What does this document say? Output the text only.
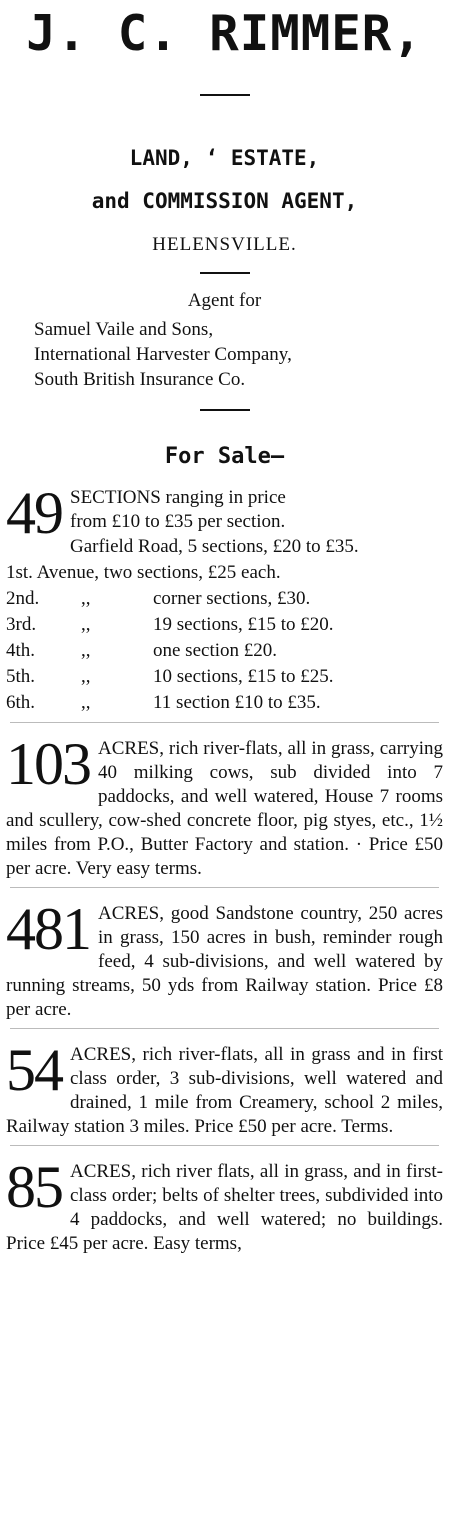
J. C. RIMMER,
LAND, ‘ ESTATE,
and COMMISSION AGENT,
HELENSVILLE.
Agent for
Samuel Vaile and Sons,
International Harvester Company,
South British Insurance Co.
For Sale—
49 SECTIONS ranging in price
from £10 to £35 per section.
Garfield Road, 5 sections, £20 to £35.
1st. Avenue, two sections, £25 each.
2nd.	,,	corner sections, £30.
3rd.	,,	19 sections, £15 to £20.
4th.	,,	one section £20.
5th.	,,	10 sections, £15 to £25.
6th.	,,	11 section £10 to £35.
103 ACRES, rich river-flats, all in grass, carrying 40 milking cows, sub divided into 7 paddocks, and well watered, House 7 rooms and scullery, cow-shed concrete floor, pig styes, etc., 1½ miles from P.O., Butter Factory and station. · Price £50 per acre. Very easy terms.
481 ACRES, good Sandstone country, 250 acres in grass, 150 acres in bush, reminder rough feed, 4 sub-divisions, and well watered by running streams, 50 yds from Railway station. Price £8 per acre.
54 ACRES, rich river-flats, all in grass and in first class order, 3 sub-divisions, well watered and drained, 1 mile from Creamery, school 2 miles, Railway station 3 miles. Price £50 per acre. Terms.
85 ACRES, rich river flats, all in grass, and in first-class order; belts of shelter trees, subdivided into 4 paddocks, and well watered; no buildings. Price £45 per acre. Easy terms,
